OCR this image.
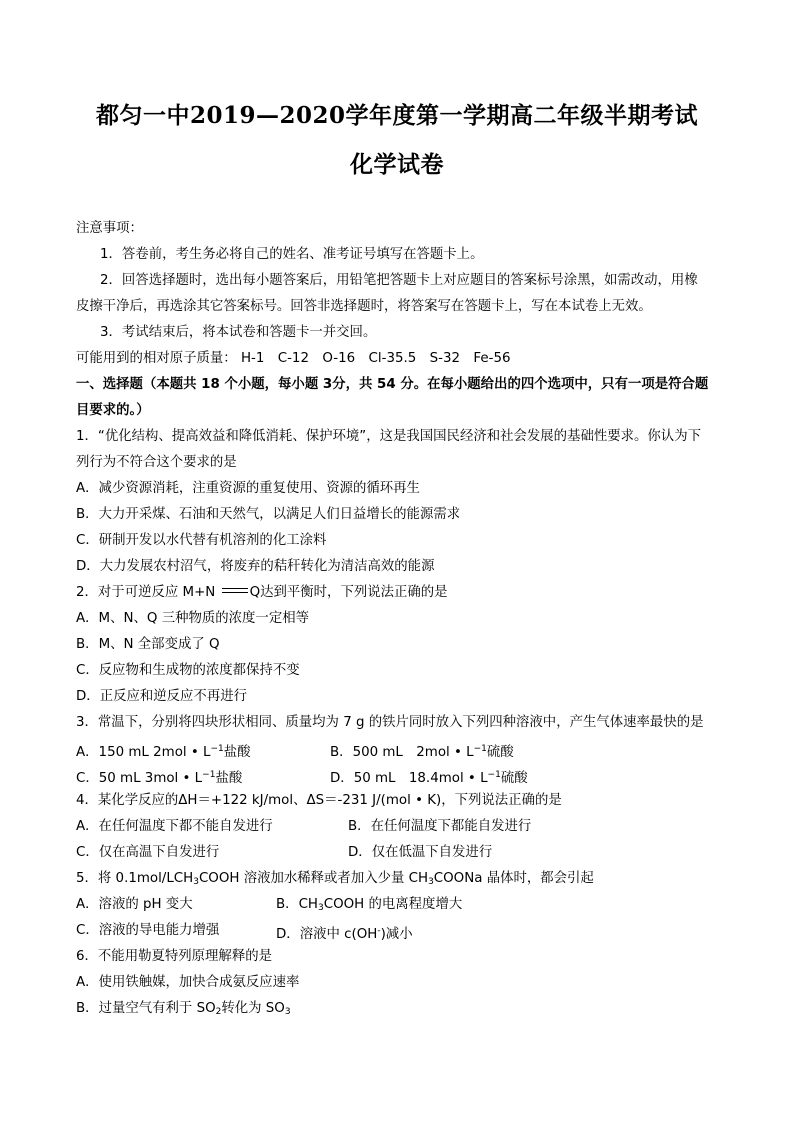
都匀一中2019—2020学年度第一学期高二年级半期考试
化学试卷
注意事项：
1．答卷前，考生务必将自己的姓名、准考证号填写在答题卡上。
2．回答选择题时，选出每小题答案后，用铅笔把答题卡上对应题目的答案标号涂黑，如需改动，用橡
皮擦干净后，再选涂其它答案标号。回答非选择题时，将答案写在答题卡上，写在本试卷上无效。
3．考试结束后，将本试卷和答题卡一并交回。
可能用到的相对原子质量： H-1　C-12　O-16　Cl-35.5　S-32　Fe-56
一、选择题（本题共 18 个小题，每小题 3分，共 54 分。在每小题给出的四个选项中，只有一项是符合题
目要求的。）
1．“优化结构、提高效益和降低消耗、保护环境”，这是我国国民经济和社会发展的基础性要求。你认为下
列行为不符合这个要求的是
A．减少资源消耗，注重资源的重复使用、资源的循环再生
B．大力开采煤、石油和天然气，以满足人们日益增长的能源需求
C．研制开发以水代替有机溶剂的化工涂料
D．大力发展农村沼气，将废弃的秸秆转化为清洁高效的能源
2．对于可逆反应 M+N Q达到平衡时，下列说法正确的是
A．M、N、Q 三种物质的浓度一定相等
B．M、N 全部变成了 Q
C．反应物和生成物的浓度都保持不变
D．正反应和逆反应不再进行
3．常温下，分别将四块形状相同、质量均为 7 g 的铁片同时放入下列四种溶液中，产生气体速率最快的是
A．150 mL 2mol • $L^{-1}$盐酸	B．500 mL　2mol • $L^{-1}$硫酸
C．50 mL 3mol • $L^{-1}$盐酸	D．50 mL　18.4mol • $L^{-1}$硫酸
4．某化学反应的ΔH＝+122 kJ/mol、ΔS＝-231 J/(mol • K)，下列说法正确的是
A．在任何温度下都不能自发进行	B．在任何温度下都能自发进行
C．仅在高温下自发进行	D．仅在低温下自发进行
5．将 $0.1mol/LCH_3COOH$ 溶液加水稀释或者加入少量 $CH_3COONa$ 晶体时，都会引起
A．溶液的 pH 变大	B．$CH_3COOH$ 的电离程度增大
C．溶液的导电能力增强	D．溶液中 c(OH-)减小
6．不能用勒夏特列原理解释的是
A．使用铁触媒，加快合成氨反应速率
B．过量空气有利于 $SO_2$转化为 $SO_3$
